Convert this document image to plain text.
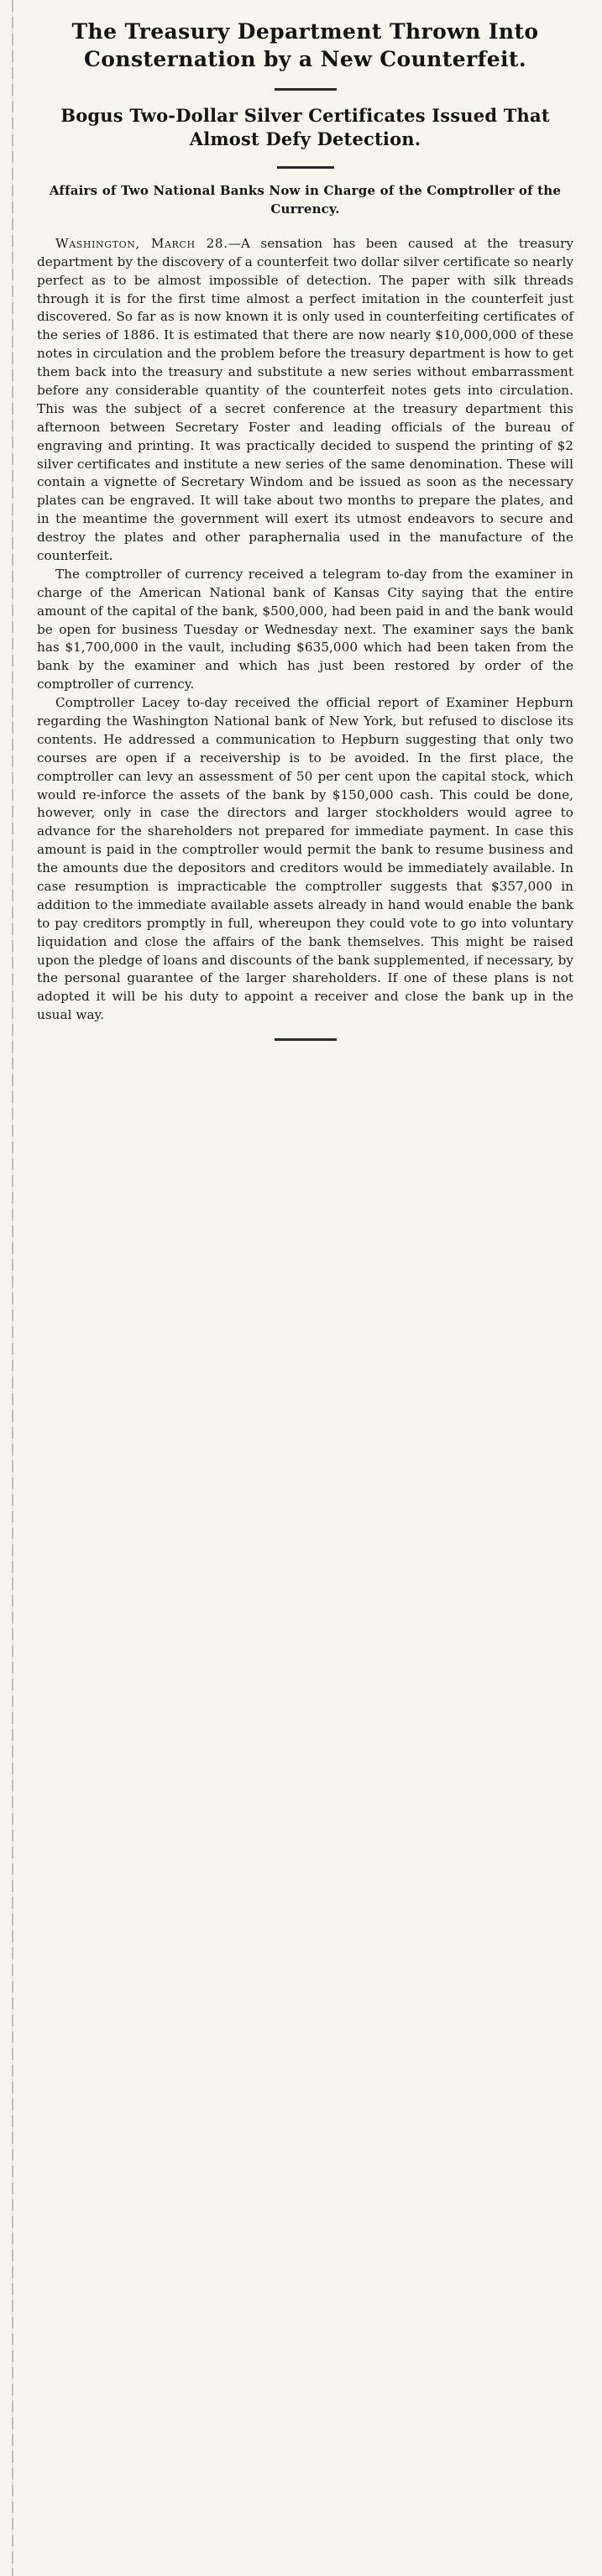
The Treasury Department Thrown Into Consternation by a New Counterfeit.
Bogus Two-Dollar Silver Certificates Issued That Almost Defy Detection.
Affairs of Two National Banks Now in Charge of the Comptroller of the Currency.

Washington, March 28.—A sensation has been caused at the treasury department by the discovery of a counterfeit two dollar silver certificate so nearly perfect as to be almost impossible of detection. The paper with silk threads through it is for the first time almost a perfect imitation in the counterfeit just discovered. So far as is now known it is only used in counterfeiting certificates of the series of 1886. It is estimated that there are now nearly $10,000,000 of these notes in circulation and the problem before the treasury department is how to get them back into the treasury and substitute a new series without embarrassment before any considerable quantity of the counterfeit notes gets into circulation. This was the subject of a secret conference at the treasury department this afternoon between Secretary Foster and leading officials of the bureau of engraving and printing. It was practically decided to suspend the printing of $2 silver certificates and institute a new series of the same denomination. These will contain a vignette of Secretary Windom and be issued as soon as the necessary plates can be engraved. It will take about two months to prepare the plates, and in the meantime the government will exert its utmost endeavors to secure and destroy the plates and other paraphernalia used in the manufacture of the counterfeit.

The comptroller of currency received a telegram to-day from the examiner in charge of the American National bank of Kansas City saying that the entire amount of the capital of the bank, $500,000, had been paid in and the bank would be open for business Tuesday or Wednesday next. The examiner says the bank has $1,700,000 in the vault, including $635,000 which had been taken from the bank by the examiner and which has just been restored by order of the comptroller of currency.

Comptroller Lacey to-day received the official report of Examiner Hepburn regarding the Washington National bank of New York, but refused to disclose its contents. He addressed a communication to Hepburn suggesting that only two courses are open if a receivership is to be avoided. In the first place, the comptroller can levy an assessment of 50 per cent upon the capital stock, which would re-inforce the assets of the bank by $150,000 cash. This could be done, however, only in case the directors and larger stockholders would agree to advance for the shareholders not prepared for immediate payment. In case this amount is paid in the comptroller would permit the bank to resume business and the amounts due the depositors and creditors would be immediately available. In case resumption is impracticable the comptroller suggests that $357,000 in addition to the immediate available assets already in hand would enable the bank to pay creditors promptly in full, whereupon they could vote to go into voluntary liquidation and close the affairs of the bank themselves. This might be raised upon the pledge of loans and discounts of the bank supplemented, if necessary, by the personal guarantee of the larger shareholders. If one of these plans is not adopted it will be his duty to appoint a receiver and close the bank up in the usual way.
